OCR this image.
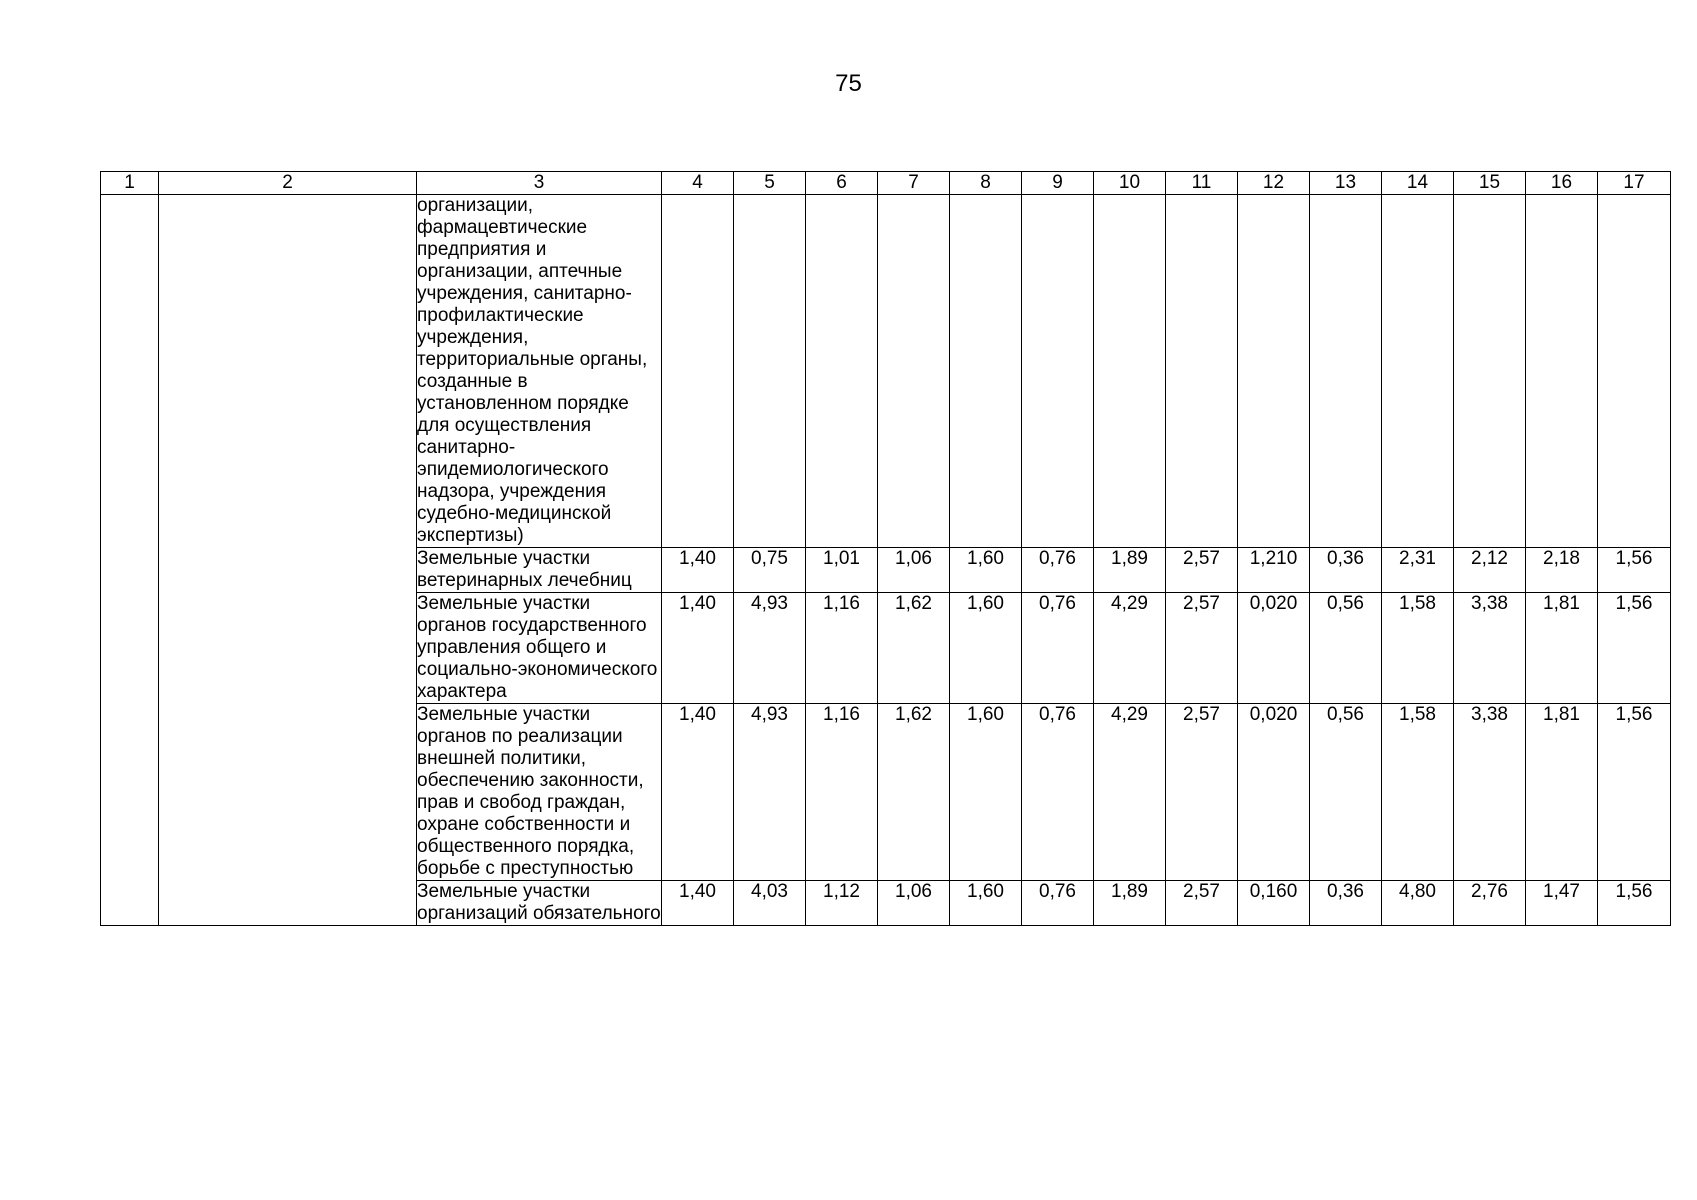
75
1	2	3	4	5	6	7	8	9	10	11	12	13	14	15	16	17
		организации, фармацевтические предприятия и организации, аптечные учреждения, санитарно-профилактические учреждения, территориальные органы, созданные в установленном порядке для осуществления санитарно-эпидемиологического надзора, учреждения судебно-медицинской экспертизы)														
		Земельные участки ветеринарных лечебниц	1,40	0,75	1,01	1,06	1,60	0,76	1,89	2,57	1,210	0,36	2,31	2,12	2,18	1,56
		Земельные участки органов государственного управления общего и социально-экономического характера	1,40	4,93	1,16	1,62	1,60	0,76	4,29	2,57	0,020	0,56	1,58	3,38	1,81	1,56
		Земельные участки органов по реализации внешней политики, обеспечению законности, прав и свобод граждан, охране собственности и общественного порядка, борьбе с преступностью	1,40	4,93	1,16	1,62	1,60	0,76	4,29	2,57	0,020	0,56	1,58	3,38	1,81	1,56
		Земельные участки организаций обязательного	1,40	4,03	1,12	1,06	1,60	0,76	1,89	2,57	0,160	0,36	4,80	2,76	1,47	1,56
